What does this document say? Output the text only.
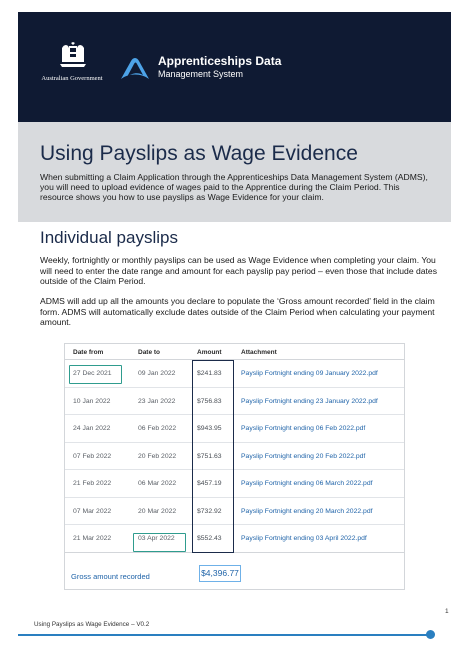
Australian Government
Apprenticeships Data
Management System
Using Payslips as Wage Evidence
When submitting a Claim Application through the Apprenticeships Data Management System (ADMS), you will need to upload evidence of wages paid to the Apprentice during the Claim Period. This resource shows you how to use payslips as Wage Evidence for your claim.
Individual payslips
Weekly, fortnightly or monthly payslips can be used as Wage Evidence when completing your claim. You will need to enter the date range and amount for each payslip pay period – even those that include dates outside of the Claim Period.
ADMS will add up all the amounts you declare to populate the ‘Gross amount recorded’ field in the claim form. ADMS will automatically exclude dates outside of the Claim Period when calculating your payment amount.
Date from	Date to	Amount	Attachment
27 Dec 2021	09 Jan 2022	$241.83	Payslip Fortnight ending 09 January 2022.pdf
10 Jan 2022	23 Jan 2022	$756.83	Payslip Fortnight ending 23 January 2022.pdf
24 Jan 2022	06 Feb 2022	$943.95	Payslip Fortnight ending 06 Feb 2022.pdf
07 Feb 2022	20 Feb 2022	$751.63	Payslip Fortnight ending 20 Feb 2022.pdf
21 Feb 2022	06 Mar 2022	$457.19	Payslip Fortnight ending 06 March 2022.pdf
07 Mar 2022	20 Mar 2022	$732.92	Payslip Fortnight ending 20 March 2022.pdf
21 Mar 2022	03 Apr 2022	$552.43	Payslip Fortnight ending 03 April 2022.pdf
Gross amount recorded	$4,396.77
1
Using Payslips as Wage Evidence – V0.2
